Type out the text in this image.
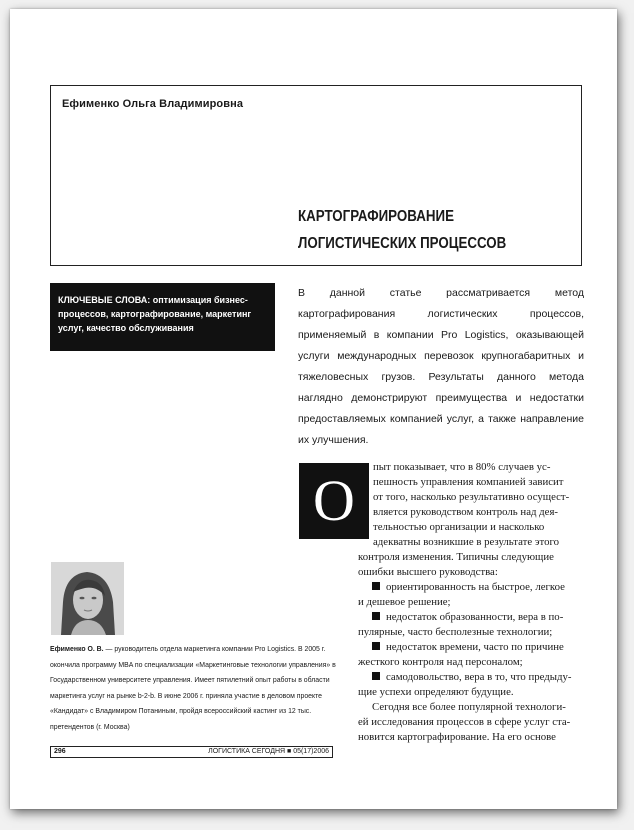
Ефименко Ольга Владимировна
КАРТОГРАФИРОВАНИЕ
ЛОГИСТИЧЕСКИХ ПРОЦЕССОВ
КЛЮЧЕВЫЕ СЛОВА: оптимизация бизнес-процессов, картографирование, маркетинг услуг, качество обслуживания
В данной статье рассматривается метод картографирования логистических процессов, применяемый в компании Pro Logistics, оказывающей услуги международных перевозок крупногабаритных и тяжеловесных грузов. Результаты данного метода наглядно демонстрируют преимущества и недостатки предоставляемых компанией услуг, а также направление их улучшения.
О
пыт показывает, что в 80% случаев ус-
пешность управления компанией зависит
от того, насколько результативно осущест-
вляется руководством контроль над дея-
тельностью организации и насколько
адекватны возникшие в результате этого
контроля изменения. Типичны следующие
ошибки высшего руководства:
ориентированность на быстрое, легкое
и дешевое решение;
недостаток образованности, вера в по-
пулярные, часто бесполезные технологии;
недостаток времени, часто по причине
жесткого контроля над персоналом;
самодовольство, вера в то, что предыду-
щие успехи определяют будущие.
Сегодня все более популярной технологи-
ей исследования процессов в сфере услуг ста-
новится картографирование. На его основе
Ефименко О. В. — руководитель отдела маркетинга компании Pro Logistics. В 2005 г. окончила программу MBA по специализации «Маркетинговые технологии управления» в Государственном университете управления. Имеет пятилетний опыт работы в области маркетинга услуг на рынке b-2-b. В июне 2006 г. приняла участие в деловом проекте «Кандидат» с Владимиром Потаниным, пройдя всероссийский кастинг из 12 тыс. претендентов (г. Москва)
296	ЛОГИСТИКА СЕГОДНЯ ■ 05(17)2006
